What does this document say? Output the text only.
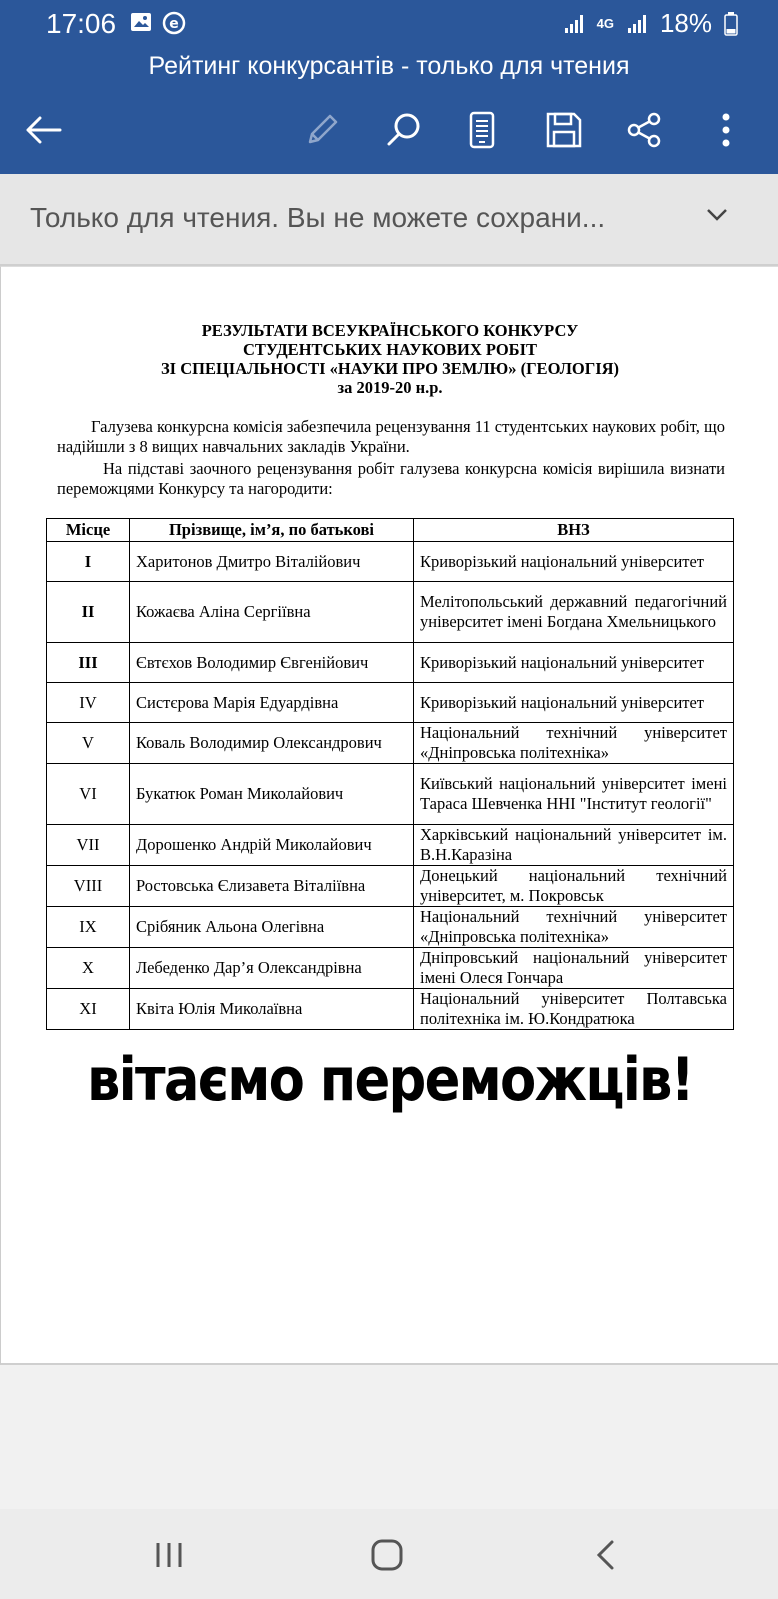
17:06	e	4G 18%
Рейтинг конкурсантів - только для чтения
Только для чтения. Вы не можете сохрани...
РЕЗУЛЬТАТИ ВСЕУКРАЇНСЬКОГО КОНКУРСУ
СТУДЕНТСЬКИХ НАУКОВИХ РОБІТ
ЗІ СПЕЦІАЛЬНОСТІ «НАУКИ ПРО ЗЕМЛЮ» (ГЕОЛОГІЯ)
за 2019-20 н.р.
Галузева конкурсна комісія забезпечила рецензування 11 студентських наукових робіт, що надійшли з 8 вищих навчальних закладів України.
На підставі заочного рецензування робіт галузева конкурсна комісія вирішила визнати переможцями Конкурсу та нагородити:
Місце	Прізвище, ім’я, по батькові	ВНЗ
I	Харитонов Дмитро Віталійович	Криворізький національний університет
II	Кожаєва Аліна Сергіївна	Мелітопольський державний педагогічний університет імені Богдана Хмельницького
III	Євтєхов Володимир Євгенійович	Криворізький національний університет
IV	Систєрова Марія Едуардівна	Криворізький національний університет
V	Коваль Володимир Олександрович	Національний технічний університет «Дніпровська політехніка»
VI	Букатюк Роман Миколайович	Київський національний університет імені Тараса Шевченка ННІ "Інститут геології"
VII	Дорошенко Андрій Миколайович	Харківський національний університет ім. В.Н.Каразіна
VIII	Ростовська Єлизавета Віталіївна	Донецький національний технічний університет, м. Покровськ
IX	Срібяник Альона Олегівна	Національний технічний університет «Дніпровська політехніка»
X	Лебеденко Дар’я Олександрівна	Дніпровський національний університет імені Олеся Гончара
XI	Квіта Юлія Миколаївна	Національний університет Полтавська політехніка ім. Ю.Кондратюка
вітаємо переможців!
